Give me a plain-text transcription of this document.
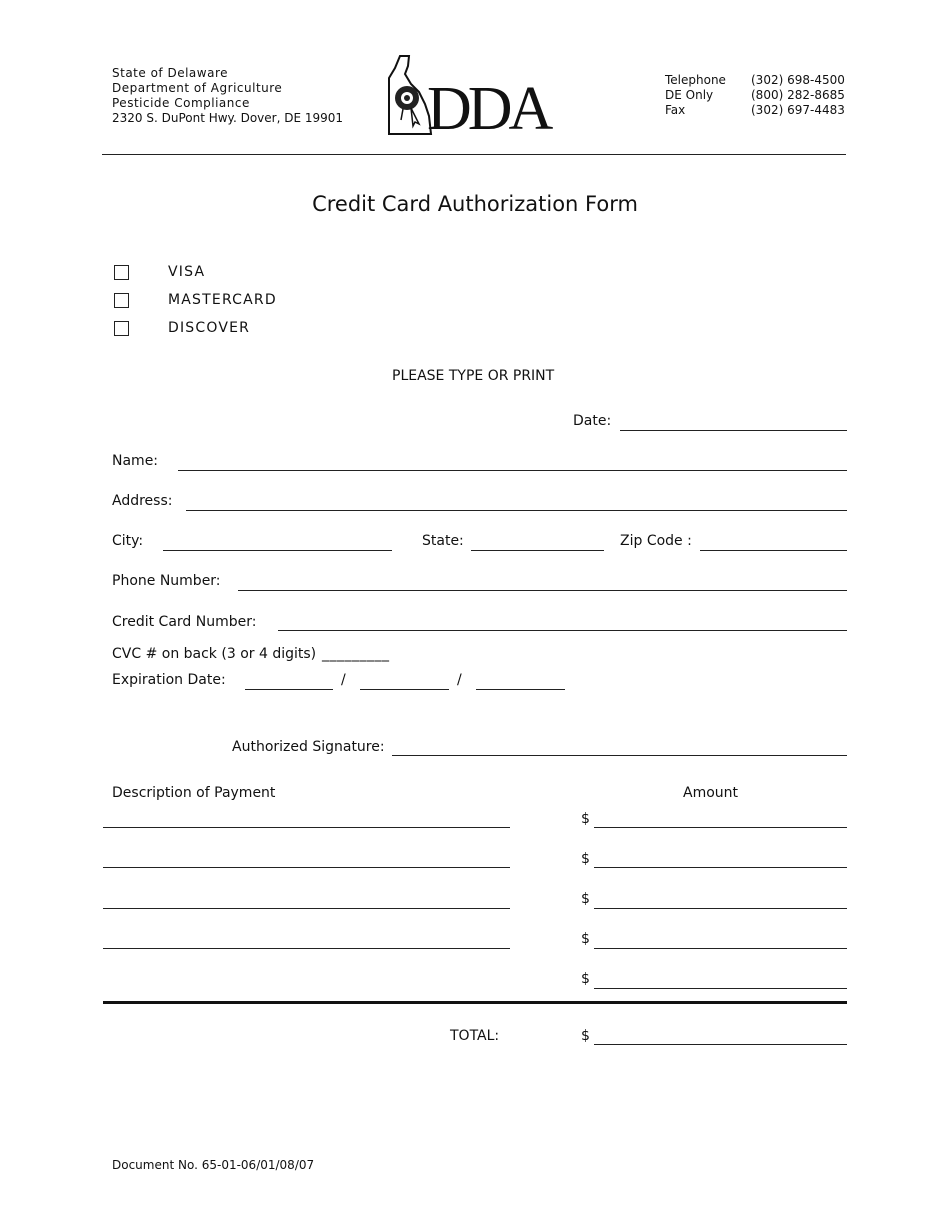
State of Delaware
Department of Agriculture
Pesticide Compliance
2320 S. DuPont Hwy. Dover, DE 19901 DDA	Telephone	(302) 698-4500
DE Only	(800) 282-8685
Fax	(302) 697-4483
Credit Card Authorization Form
VISA
MASTERCARD
DISCOVER
PLEASE TYPE OR PRINT
Date:
Name:
Address:
City:	State:	Zip Code :
Phone Number:
Credit Card Number:
CVC # on back (3 or 4 digits) _________
Expiration Date:	/	/
Authorized Signature:
Description of Payment	Amount
$
$
$
$
$
TOTAL:	$
Document No. 65-01-06/01/08/07
